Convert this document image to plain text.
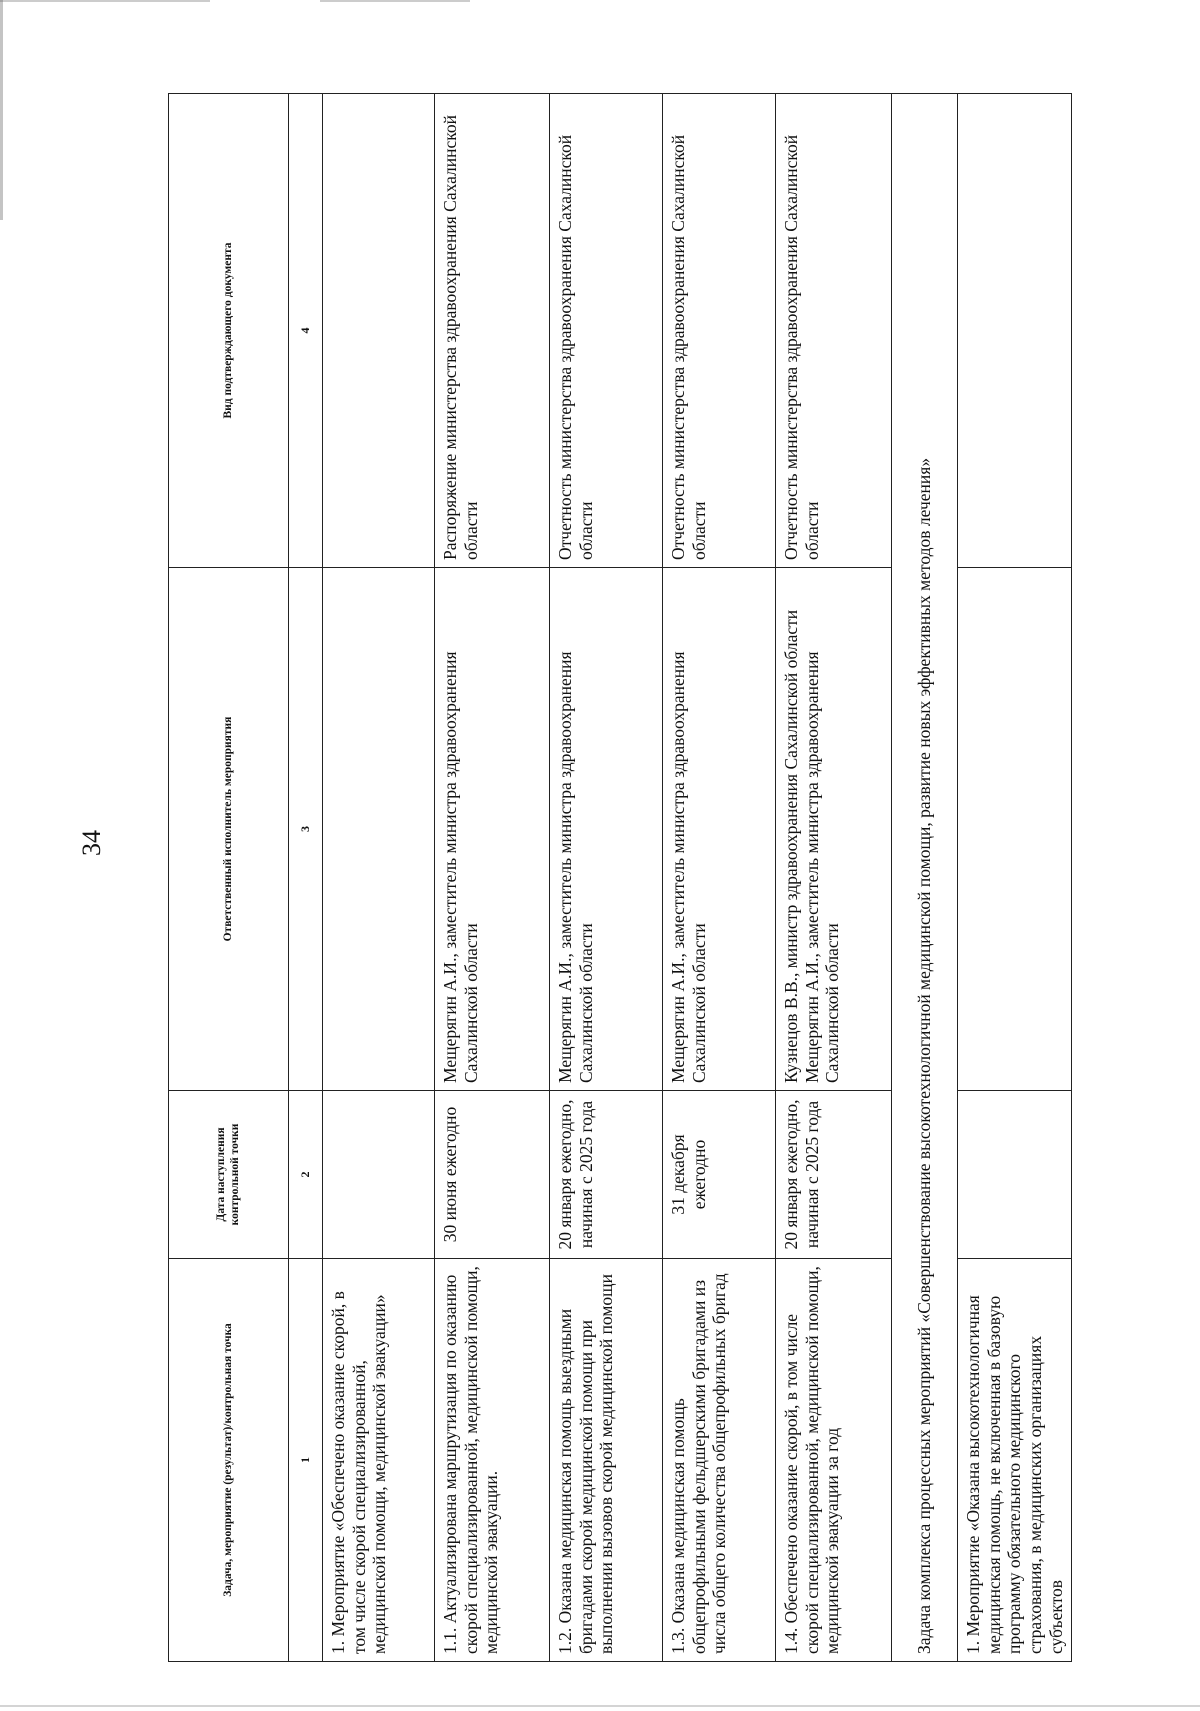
34
Задача, мероприятие (результат)/контрольная точка	Дата наступления контрольной точки	Ответственный исполнитель мероприятия	Вид подтверждающего документа
1	2	3	4
1. Мероприятие «Обеспечено оказание скорой, в том числе скорой специализированной, медицинской помощи, медицинской эвакуации»			
1.1. Актуализирована маршрутизация по оказанию скорой специализированной, медицинской помощи, медицинской эвакуации.	30 июня ежегодно	Мещерягин А.И., заместитель министра здравоохранения Сахалинской области	Распоряжение министерства здравоохранения Сахалинской области
1.2. Оказана медицинская помощь выездными бригадами скорой медицинской помощи при выполнении вызовов скорой медицинской помощи	20 января ежегодно, начиная с 2025 года	Мещерягин А.И., заместитель министра здравоохранения Сахалинской области	Отчетность министерства здравоохранения Сахалинской области
1.3. Оказана медицинская помощь общепрофильными фельдшерскими бригадами из числа общего количества общепрофильных бригад	31 декабря ежегодно	Мещерягин А.И., заместитель министра здравоохранения Сахалинской области	Отчетность министерства здравоохранения Сахалинской области
1.4. Обеспечено оказание скорой, в том числе скорой специализированной, медицинской помощи, медицинской эвакуации за год	20 января ежегодно, начиная с 2025 года	Кузнецов В.В., министр здравоохранения Сахалинской области Мещерягин А.И., заместитель министра здравоохранения Сахалинской области	Отчетность министерства здравоохранения Сахалинской области
Задача комплекса процессных мероприятий «Совершенствование высокотехнологичной медицинской помощи, развитие новых эффективных методов лечения»			
1. Мероприятие «Оказана высокотехнологичная медицинская помощь, не включенная в базовую программу обязательного медицинского страхования, в медицинских организациях субъектов			
